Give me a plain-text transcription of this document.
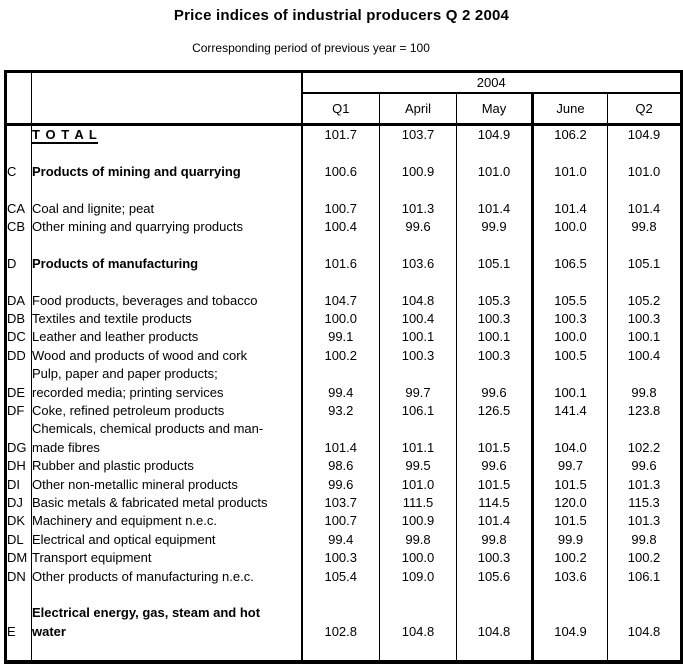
Price indices of industrial producers Q 2 2004
Corresponding period of previous year = 100
		2004				
		Q1	April	May	June	Q2
	T O T A L	101.7	103.7	104.9	106.2	104.9

C	Products of mining and quarrying	100.6	100.9	101.0	101.0	101.0

CA	Coal and lignite; peat	100.7	101.3	101.4	101.4	101.4
CB	Other mining and quarrying products	100.4	99.6	99.9	100.0	99.8

D	Products of manufacturing	101.6	103.6	105.1	106.5	105.1

DA	Food products, beverages and tobacco	104.7	104.8	105.3	105.5	105.2
DB	Textiles and textile products	100.0	100.4	100.3	100.3	100.3
DC	Leather and leather products	99.1	100.1	100.1	100.0	100.1
DD	Wood and products of wood and cork	100.2	100.3	100.3	100.5	100.4
	Pulp, paper and paper products;					
DE	recorded media; printing services	99.4	99.7	99.6	100.1	99.8
DF	Coke, refined petroleum products	93.2	106.1	126.5	141.4	123.8
	Chemicals, chemical products and man-					
DG	made fibres	101.4	101.1	101.5	104.0	102.2
DH	Rubber and plastic products	98.6	99.5	99.6	99.7	99.6
DI	Other non-metallic mineral products	99.6	101.0	101.5	101.5	101.3
DJ	Basic metals & fabricated metal products	103.7	111.5	114.5	120.0	115.3
DK	Machinery and equipment n.e.c.	100.7	100.9	101.4	101.5	101.3
DL	Electrical and optical equipment	99.4	99.8	99.8	99.9	99.8
DM	Transport equipment	100.3	100.0	100.3	100.2	100.2
DN	Other products of manufacturing n.e.c.	105.4	109.0	105.6	103.6	106.1

	Electrical energy, gas, steam and hot					
E	water	102.8	104.8	104.8	104.9	104.8
